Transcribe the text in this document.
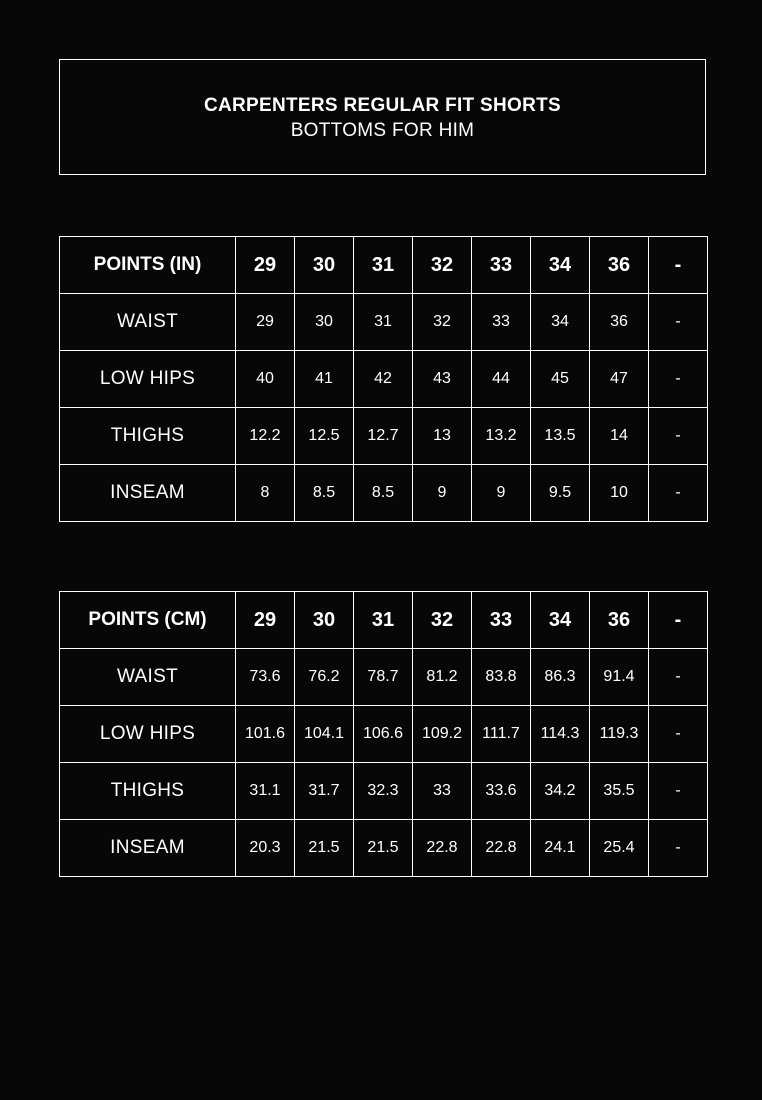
CARPENTERS REGULAR FIT SHORTS
BOTTOMS FOR HIM
POINTS (IN)	29	30	31	32	33	34	36	-
WAIST	29	30	31	32	33	34	36	-
LOW HIPS	40	41	42	43	44	45	47	-
THIGHS	12.2	12.5	12.7	13	13.2	13.5	14	-
INSEAM	8	8.5	8.5	9	9	9.5	10	-
POINTS (CM)	29	30	31	32	33	34	36	-
WAIST	73.6	76.2	78.7	81.2	83.8	86.3	91.4	-
LOW HIPS	101.6	104.1	106.6	109.2	111.7	114.3	119.3	-
THIGHS	31.1	31.7	32.3	33	33.6	34.2	35.5	-
INSEAM	20.3	21.5	21.5	22.8	22.8	24.1	25.4	-
